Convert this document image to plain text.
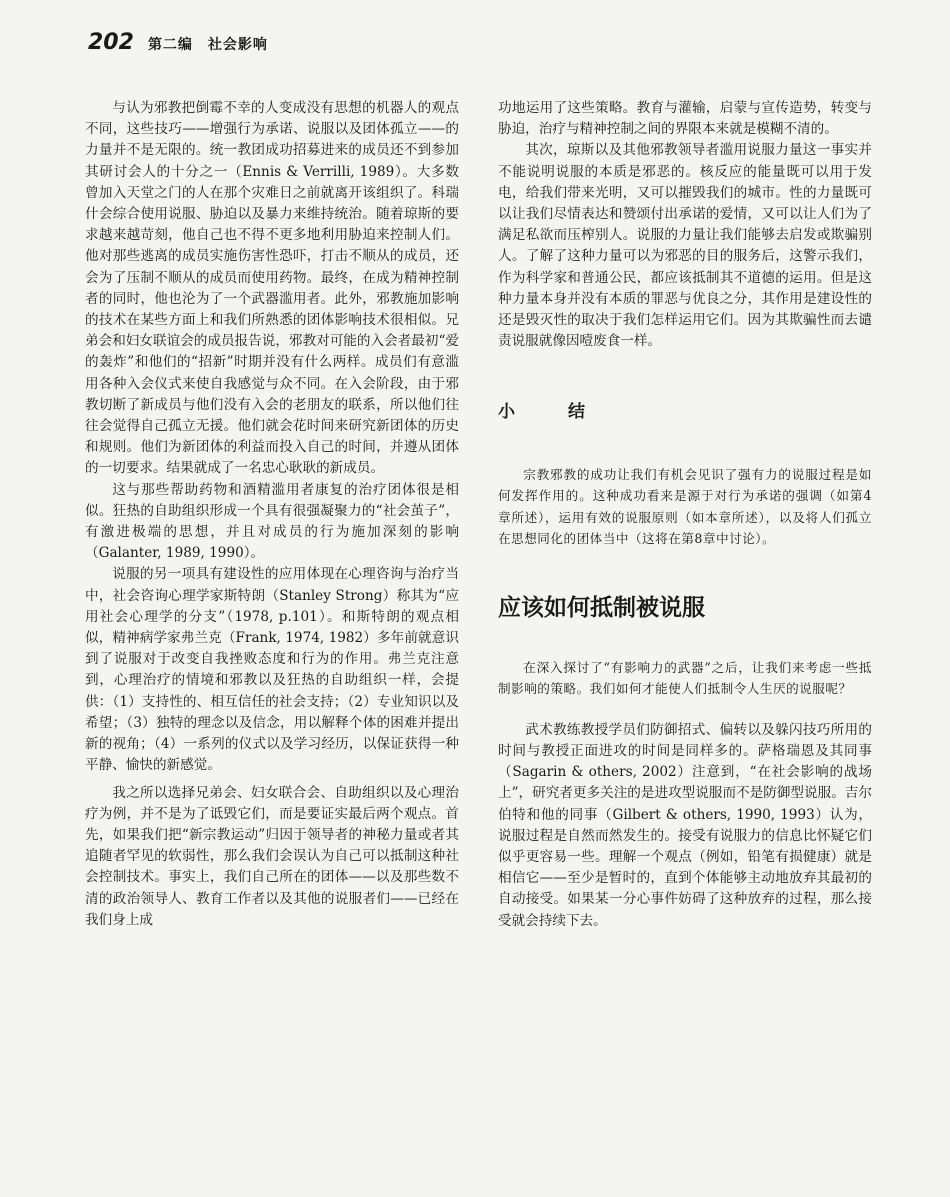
202 第二编　社会影响

与认为邪教把倒霉不幸的人变成没有思想的机器人的观点不同，这些技巧——增强行为承诺、说服以及团体孤立——的力量并不是无限的。统一教团成功招募进来的成员还不到参加其研讨会人的十分之一（Ennis & Verrilli, 1989）。大多数曾加入天堂之门的人在那个灾难日之前就离开该组织了。科瑞什会综合使用说服、胁迫以及暴力来维持统治。随着琼斯的要求越来越苛刻，他自己也不得不更多地利用胁迫来控制人们。他对那些逃离的成员实施伤害性恐吓，打击不顺从的成员，还会为了压制不顺从的成员而使用药物。最终，在成为精神控制者的同时，他也沦为了一个武器滥用者。此外，邪教施加影响的技术在某些方面上和我们所熟悉的团体影响技术很相似。兄弟会和妇女联谊会的成员报告说，邪教对可能的入会者最初“爱的轰炸”和他们的“招新”时期并没有什么两样。成员们有意滥用各种入会仪式来使自我感觉与众不同。在入会阶段，由于邪教切断了新成员与他们没有入会的老朋友的联系，所以他们往往会觉得自己孤立无援。他们就会花时间来研究新团体的历史和规则。他们为新团体的利益而投入自己的时间，并遵从团体的一切要求。结果就成了一名忠心耿耿的新成员。

这与那些帮助药物和酒精滥用者康复的治疗团体很是相似。狂热的自助组织形成一个具有很强凝聚力的“社会茧子”，有激进极端的思想，并且对成员的行为施加深刻的影响（Galanter, 1989, 1990）。

说服的另一项具有建设性的应用体现在心理咨询与治疗当中，社会咨询心理学家斯特朗（Stanley Strong）称其为“应用社会心理学的分支”（1978, p.101）。和斯特朗的观点相似，精神病学家弗兰克（Frank, 1974, 1982）多年前就意识到了说服对于改变自我挫败态度和行为的作用。弗兰克注意到，心理治疗的情境和邪教以及狂热的自助组织一样，会提供：（1）支持性的、相互信任的社会支持；（2）专业知识以及希望；（3）独特的理念以及信念，用以解释个体的困难并提出新的视角；（4）一系列的仪式以及学习经历，以保证获得一种平静、愉快的新感觉。

我之所以选择兄弟会、妇女联合会、自助组织以及心理治疗为例，并不是为了诋毁它们，而是要证实最后两个观点。首先，如果我们把“新宗教运动”归因于领导者的神秘力量或者其追随者罕见的软弱性，那么我们会误认为自己可以抵制这种社会控制技术。事实上，我们自己所在的团体——以及那些数不清的政治领导人、教育工作者以及其他的说服者们——已经在我们身上成

功地运用了这些策略。教育与灌输，启蒙与宣传造势，转变与胁迫，治疗与精神控制之间的界限本来就是模糊不清的。

其次，琼斯以及其他邪教领导者滥用说服力量这一事实并不能说明说服的本质是邪恶的。核反应的能量既可以用于发电，给我们带来光明，又可以摧毁我们的城市。性的力量既可以让我们尽情表达和赞颂付出承诺的爱情，又可以让人们为了满足私欲而压榨别人。说服的力量让我们能够去启发或欺骗别人。了解了这种力量可以为邪恶的目的服务后，这警示我们，作为科学家和普通公民，都应该抵制其不道德的运用。但是这种力量本身并没有本质的罪恶与优良之分，其作用是建设性的还是毁灭性的取决于我们怎样运用它们。因为其欺骗性而去谴责说服就像因噎废食一样。

小　结

宗教邪教的成功让我们有机会见识了强有力的说服过程是如何发挥作用的。这种成功看来是源于对行为承诺的强调（如第4章所述），运用有效的说服原则（如本章所述），以及将人们孤立在思想同化的团体当中（这将在第8章中讨论）。

应该如何抵制被说服

在深入探讨了“有影响力的武器”之后，让我们来考虑一些抵制影响的策略。我们如何才能使人们抵制令人生厌的说服呢？

武术教练教授学员们防御招式、偏转以及躲闪技巧所用的时间与教授正面进攻的时间是同样多的。萨格瑞恩及其同事（Sagarin & others, 2002）注意到，“在社会影响的战场上”，研究者更多关注的是进攻型说服而不是防御型说服。吉尔伯特和他的同事（Gilbert & others, 1990, 1993）认为，说服过程是自然而然发生的。接受有说服力的信息比怀疑它们似乎更容易一些。理解一个观点（例如，铅笔有损健康）就是相信它——至少是暂时的，直到个体能够主动地放弃其最初的自动接受。如果某一分心事件妨碍了这种放弃的过程，那么接受就会持续下去。
